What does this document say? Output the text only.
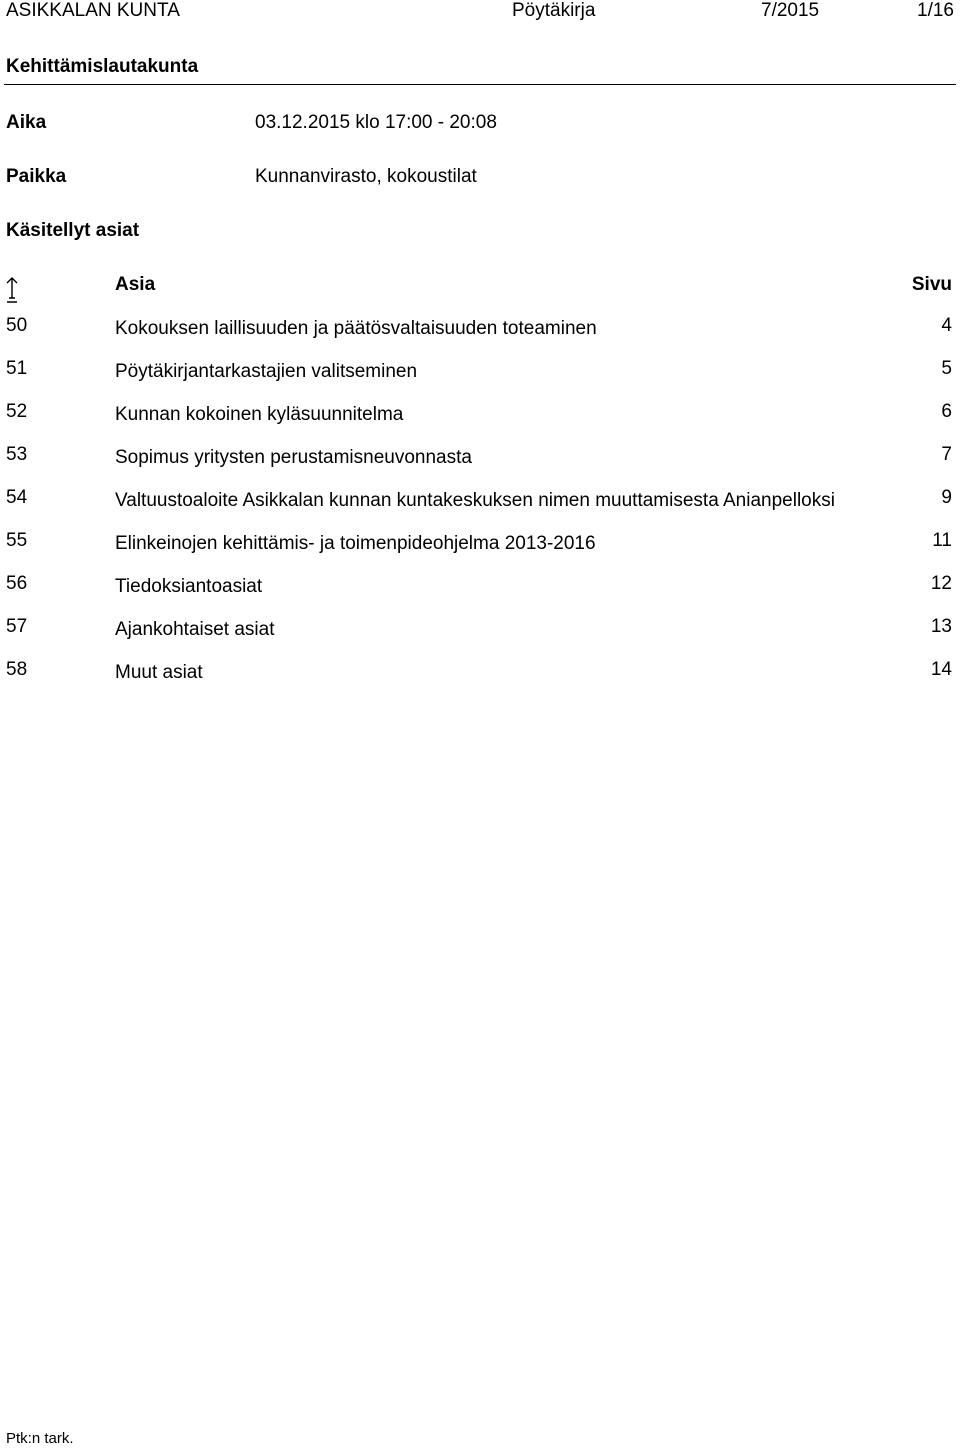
ASIKKALAN KUNTA	Pöytäkirja	7/2015	1/16
Kehittämislautakunta
Aika	03.12.2015 klo 17:00 - 20:08
Paikka	Kunnanvirasto, kokoustilat
Käsitellyt asiat
Asia	Sivu
50	Kokouksen laillisuuden ja päätösvaltaisuuden toteaminen	4
51	Pöytäkirjantarkastajien valitseminen	5
52	Kunnan kokoinen kyläsuunnitelma	6
53	Sopimus yritysten perustamisneuvonnasta	7
54	Valtuustoaloite Asikkalan kunnan kuntakeskuksen nimen muuttamisesta Anianpelloksi	9
55	Elinkeinojen kehittämis- ja toimenpideohjelma 2013-2016	11
56	Tiedoksiantoasiat	12
57	Ajankohtaiset asiat	13
58	Muut asiat	14
Ptk:n tark.
